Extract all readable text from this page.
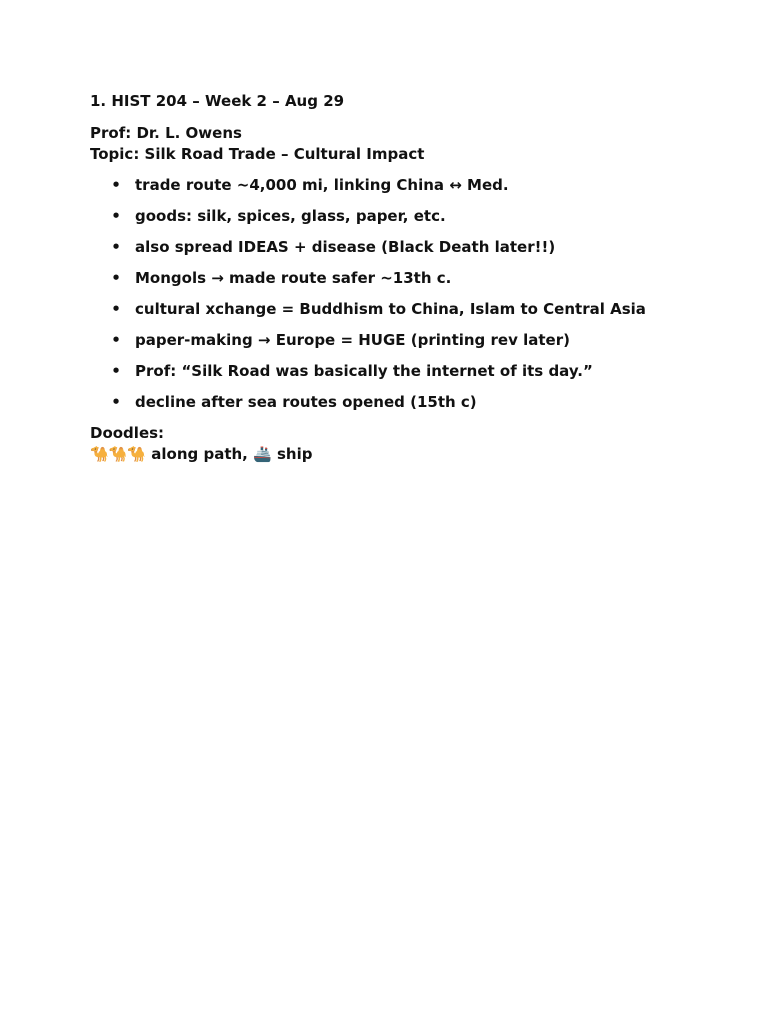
1. HIST 204 – Week 2 – Aug 29
Prof: Dr. L. Owens
Topic: Silk Road Trade – Cultural Impact
• trade route ~4,000 mi, linking China ↔ Med.
• goods: silk, spices, glass, paper, etc.
• also spread IDEAS + disease (Black Death later!!)
• Mongols → made route safer ~13th c.
• cultural xchange = Buddhism to China, Islam to Central Asia
• paper-making → Europe = HUGE (printing rev later)
• Prof: “Silk Road was basically the internet of its day.”
• decline after sea routes opened (15th c)
Doodles:
🐪🐪🐪 along path, 🚢 ship
